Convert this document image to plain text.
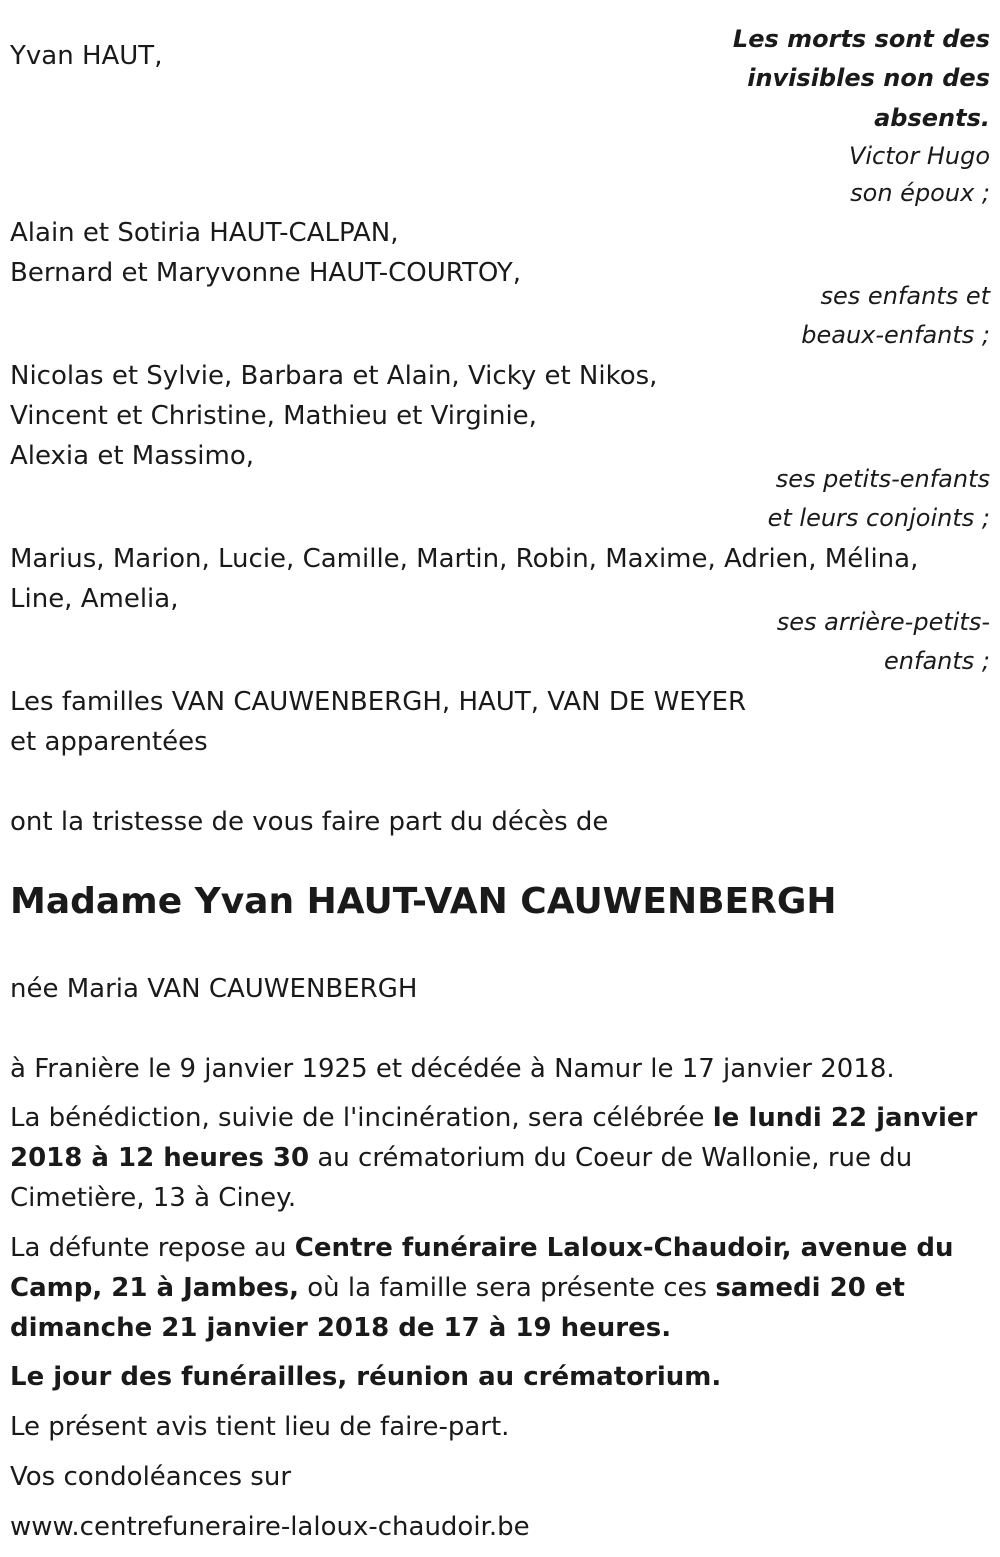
Yvan HAUT,
Les morts sont des
invisibles non des
absents.
Victor Hugo
son époux ;
Alain et Sotiria HAUT-CALPAN,
Bernard et Maryvonne HAUT-COURTOY,
ses enfants et
beaux-enfants ;
Nicolas et Sylvie, Barbara et Alain, Vicky et Nikos,
Vincent et Christine, Mathieu et Virginie,
Alexia et Massimo,
ses petits-enfants
et leurs conjoints ;
Marius, Marion, Lucie, Camille, Martin, Robin, Maxime, Adrien, Mélina,
Line, Amelia,
ses arrière-petits-
enfants ;
Les familles VAN CAUWENBERGH, HAUT, VAN DE WEYER
et apparentées
ont la tristesse de vous faire part du décès de
Madame Yvan HAUT-VAN CAUWENBERGH
née Maria VAN CAUWENBERGH
à Franière le 9 janvier 1925 et décédée à Namur le 17 janvier 2018.
La bénédiction, suivie de l'incinération, sera célébrée le lundi 22 janvier 2018 à 12 heures 30 au crématorium du Coeur de Wallonie, rue du Cimetière, 13 à Ciney.
La défunte repose au Centre funéraire Laloux-Chaudoir, avenue du Camp, 21 à Jambes, où la famille sera présente ces samedi 20 et dimanche 21 janvier 2018 de 17 à 19 heures.
Le jour des funérailles, réunion au crématorium.
Le présent avis tient lieu de faire-part.
Vos condoléances sur
www.centrefuneraire-laloux-chaudoir.be
